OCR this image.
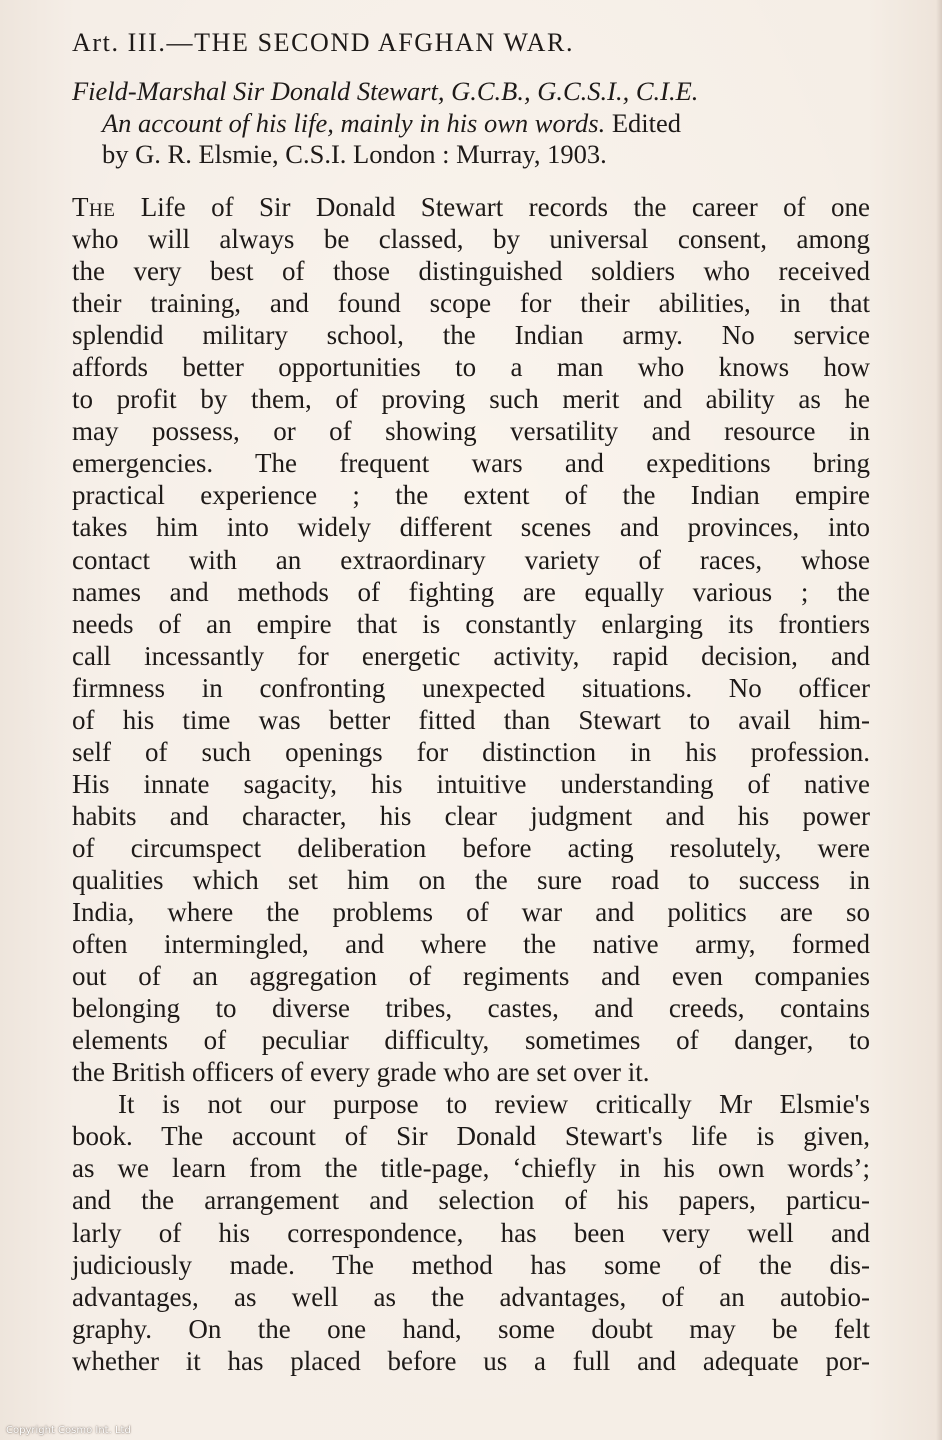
Art. III.—THE SECOND AFGHAN WAR.
Field-Marshal Sir Donald Stewart, G.C.B., G.C.S.I., C.I.E.
An account of his life, mainly in his own words. Edited
by G. R. Elsmie, C.S.I. London : Murray, 1903.
The Life of Sir Donald Stewart records the career of one
who will always be classed, by universal consent, among
the very best of those distinguished soldiers who received
their training, and found scope for their abilities, in that
splendid military school, the Indian army. No service
affords better opportunities to a man who knows how
to profit by them, of proving such merit and ability as he
may possess, or of showing versatility and resource in
emergencies. The frequent wars and expeditions bring
practical experience ; the extent of the Indian empire
takes him into widely different scenes and provinces, into
contact with an extraordinary variety of races, whose
names and methods of fighting are equally various ; the
needs of an empire that is constantly enlarging its frontiers
call incessantly for energetic activity, rapid decision, and
firmness in confronting unexpected situations. No officer
of his time was better fitted than Stewart to avail him-
self of such openings for distinction in his profession.
His innate sagacity, his intuitive understanding of native
habits and character, his clear judgment and his power
of circumspect deliberation before acting resolutely, were
qualities which set him on the sure road to success in
India, where the problems of war and politics are so
often intermingled, and where the native army, formed
out of an aggregation of regiments and even companies
belonging to diverse tribes, castes, and creeds, contains
elements of peculiar difficulty, sometimes of danger, to
the British officers of every grade who are set over it.
It is not our purpose to review critically Mr Elsmie's
book. The account of Sir Donald Stewart's life is given,
as we learn from the title-page, ‘chiefly in his own words’;
and the arrangement and selection of his papers, particu-
larly of his correspondence, has been very well and
judiciously made. The method has some of the dis-
advantages, as well as the advantages, of an autobio-
graphy. On the one hand, some doubt may be felt
whether it has placed before us a full and adequate por-
Copyright Cosmo Int. Ltd
